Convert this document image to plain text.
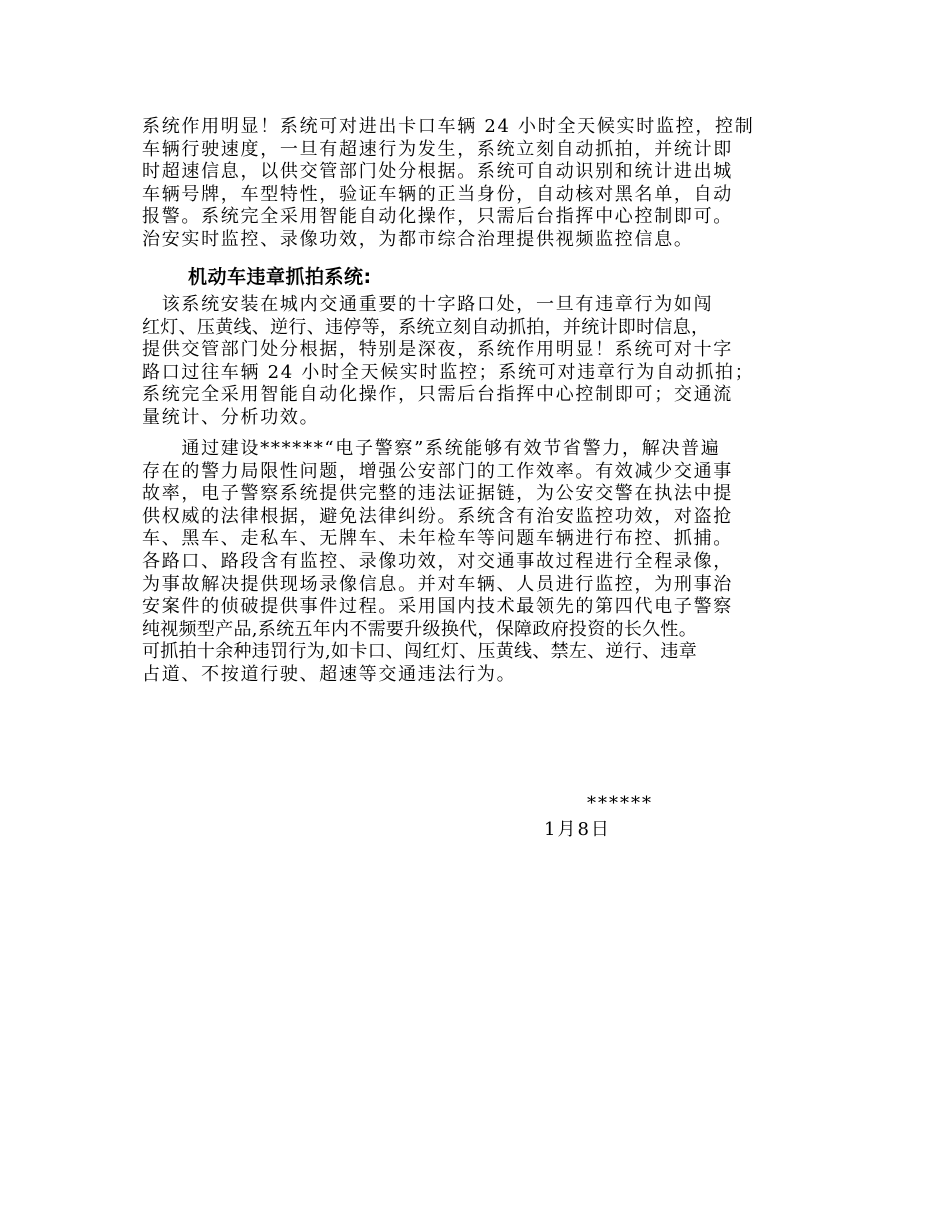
系统作用明显！系统可对进出卡口车辆 24 小时全天候实时监控，控制
车辆行驶速度，一旦有超速行为发生，系统立刻自动抓拍，并统计即
时超速信息，以供交管部门处分根据。系统可自动识别和统计进出城
车辆号牌，车型特性，验证车辆的正当身份，自动核对黑名单，自动
报警。系统完全采用智能自动化操作，只需后台指挥中心控制即可。
治安实时监控、录像功效，为都市综合治理提供视频监控信息。
机动车违章抓拍系统:
　该系统安装在城内交通重要的十字路口处，一旦有违章行为如闯
红灯、压黄线、逆行、违停等，系统立刻自动抓拍，并统计即时信息，
提供交管部门处分根据，特别是深夜，系统作用明显！系统可对十字
路口过往车辆 24 小时全天候实时监控；系统可对违章行为自动抓拍；
系统完全采用智能自动化操作，只需后台指挥中心控制即可；交通流
量统计、分析功效。
　　通过建设******“电子警察”系统能够有效节省警力，解决普遍
存在的警力局限性问题，增强公安部门的工作效率。有效减少交通事
故率，电子警察系统提供完整的违法证据链，为公安交警在执法中提
供权威的法律根据，避免法律纠纷。系统含有治安监控功效，对盗抢
车、黑车、走私车、无牌车、未年检车等问题车辆进行布控、抓捕。
各路口、路段含有监控、录像功效，对交通事故过程进行全程录像，
为事故解决提供现场录像信息。并对车辆、人员进行监控，为刑事治
安案件的侦破提供事件过程。采用国内技术最领先的第四代电子警察
纯视频型产品,系统五年内不需要升级换代，保障政府投资的长久性。
可抓拍十余种违罚行为,如卡口、闯红灯、压黄线、禁左、逆行、违章
占道、不按道行驶、超速等交通违法行为。
******
1月8日
